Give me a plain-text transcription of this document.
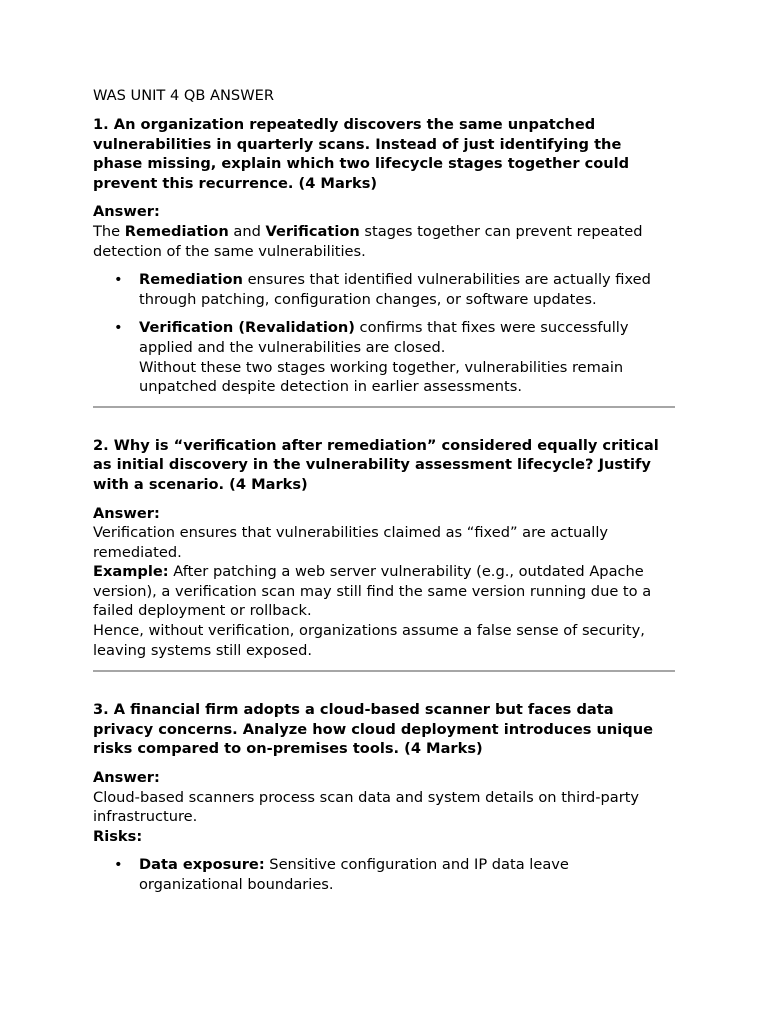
WAS UNIT 4 QB ANSWER
1. An organization repeatedly discovers the same unpatched vulnerabilities in quarterly scans. Instead of just identifying the phase missing, explain which two lifecycle stages together could prevent this recurrence. (4 Marks)
Answer:
The Remediation and Verification stages together can prevent repeated detection of the same vulnerabilities.
• Remediation ensures that identified vulnerabilities are actually fixed through patching, configuration changes, or software updates.
• Verification (Revalidation) confirms that fixes were successfully applied and the vulnerabilities are closed.
Without these two stages working together, vulnerabilities remain unpatched despite detection in earlier assessments.
2. Why is “verification after remediation” considered equally critical as initial discovery in the vulnerability assessment lifecycle? Justify with a scenario. (4 Marks)
Answer:
Verification ensures that vulnerabilities claimed as “fixed” are actually remediated.
Example: After patching a web server vulnerability (e.g., outdated Apache version), a verification scan may still find the same version running due to a failed deployment or rollback.
Hence, without verification, organizations assume a false sense of security, leaving systems still exposed.
3. A financial firm adopts a cloud-based scanner but faces data privacy concerns. Analyze how cloud deployment introduces unique risks compared to on-premises tools. (4 Marks)
Answer:
Cloud-based scanners process scan data and system details on third-party infrastructure.
Risks:
• Data exposure: Sensitive configuration and IP data leave organizational boundaries.
